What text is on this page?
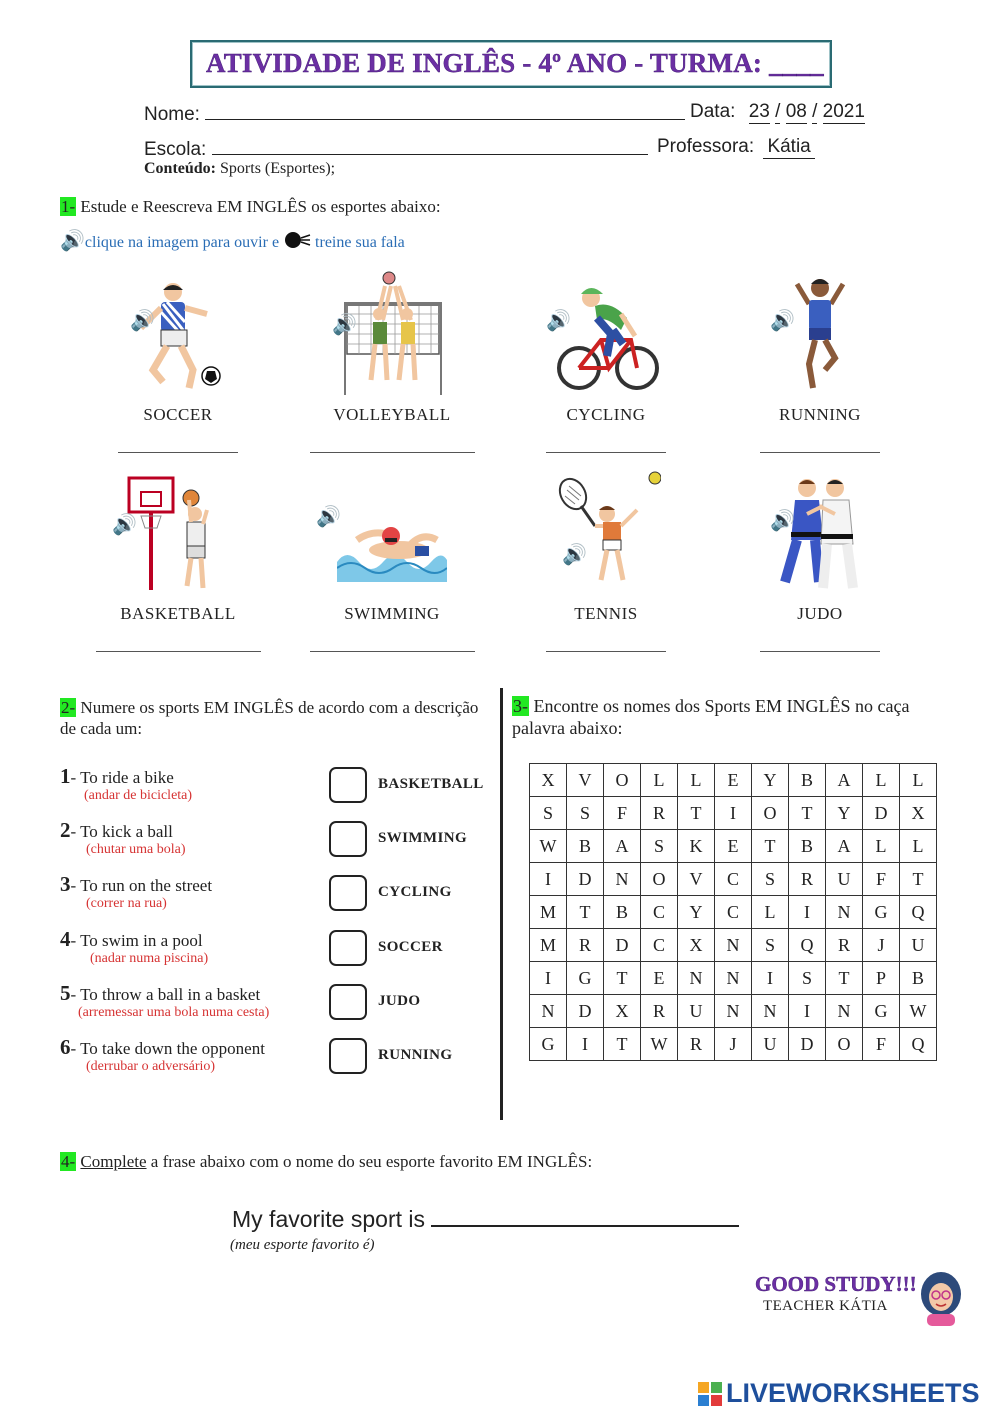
ATIVIDADE DE INGLÊS - 4º ANO - TURMA: ____
Nome:	Data: 23 / 08 / 2021
Escola:	Professora: Kátia
Conteúdo: Sports (Esportes);
1- Estude e Reescreva EM INGLÊS os esportes abaixo:
🔊clique na imagem para ouvir e treine sua fala
🔊
SOCCER
🔊
VOLLEYBALL
🔊
CYCLING
🔊
RUNNING
🔊
BASKETBALL
🔊
SWIMMING
🔊
TENNIS
🔊
JUDO
2- Numere os sports EM INGLÊS de acordo com a descrição de cada um:
1- To ride a bike
(andar de bicicleta)
BASKETBALL
2- To kick a ball
(chutar uma bola)
SWIMMING
3- To run on the street
(correr na rua)
CYCLING
4- To swim in a pool
(nadar numa piscina)
SOCCER
5- To throw a ball in a basket
(arremessar uma bola numa cesta)
JUDO
6- To take down the opponent
(derrubar o adversário)
RUNNING
3- Encontre os nomes dos Sports EM INGLÊS no caça palavra abaixo:
X	V	O	L	L	E	Y	B	A	L	L
S	S	F	R	T	I	O	T	Y	D	X
W	B	A	S	K	E	T	B	A	L	L
I	D	N	O	V	C	S	R	U	F	T
M	T	B	C	Y	C	L	I	N	G	Q
M	R	D	C	X	N	S	Q	R	J	U
I	G	T	E	N	N	I	S	T	P	B
N	D	X	R	U	N	N	I	N	G	W
G	I	T	W	R	J	U	D	O	F	Q
4- Complete a frase abaixo com o nome do seu esporte favorito EM INGLÊS:
My favorite sport is
(meu esporte favorito é)
GOOD STUDY!!!
TEACHER KÁTIA
LIVEWORKSHEETS
